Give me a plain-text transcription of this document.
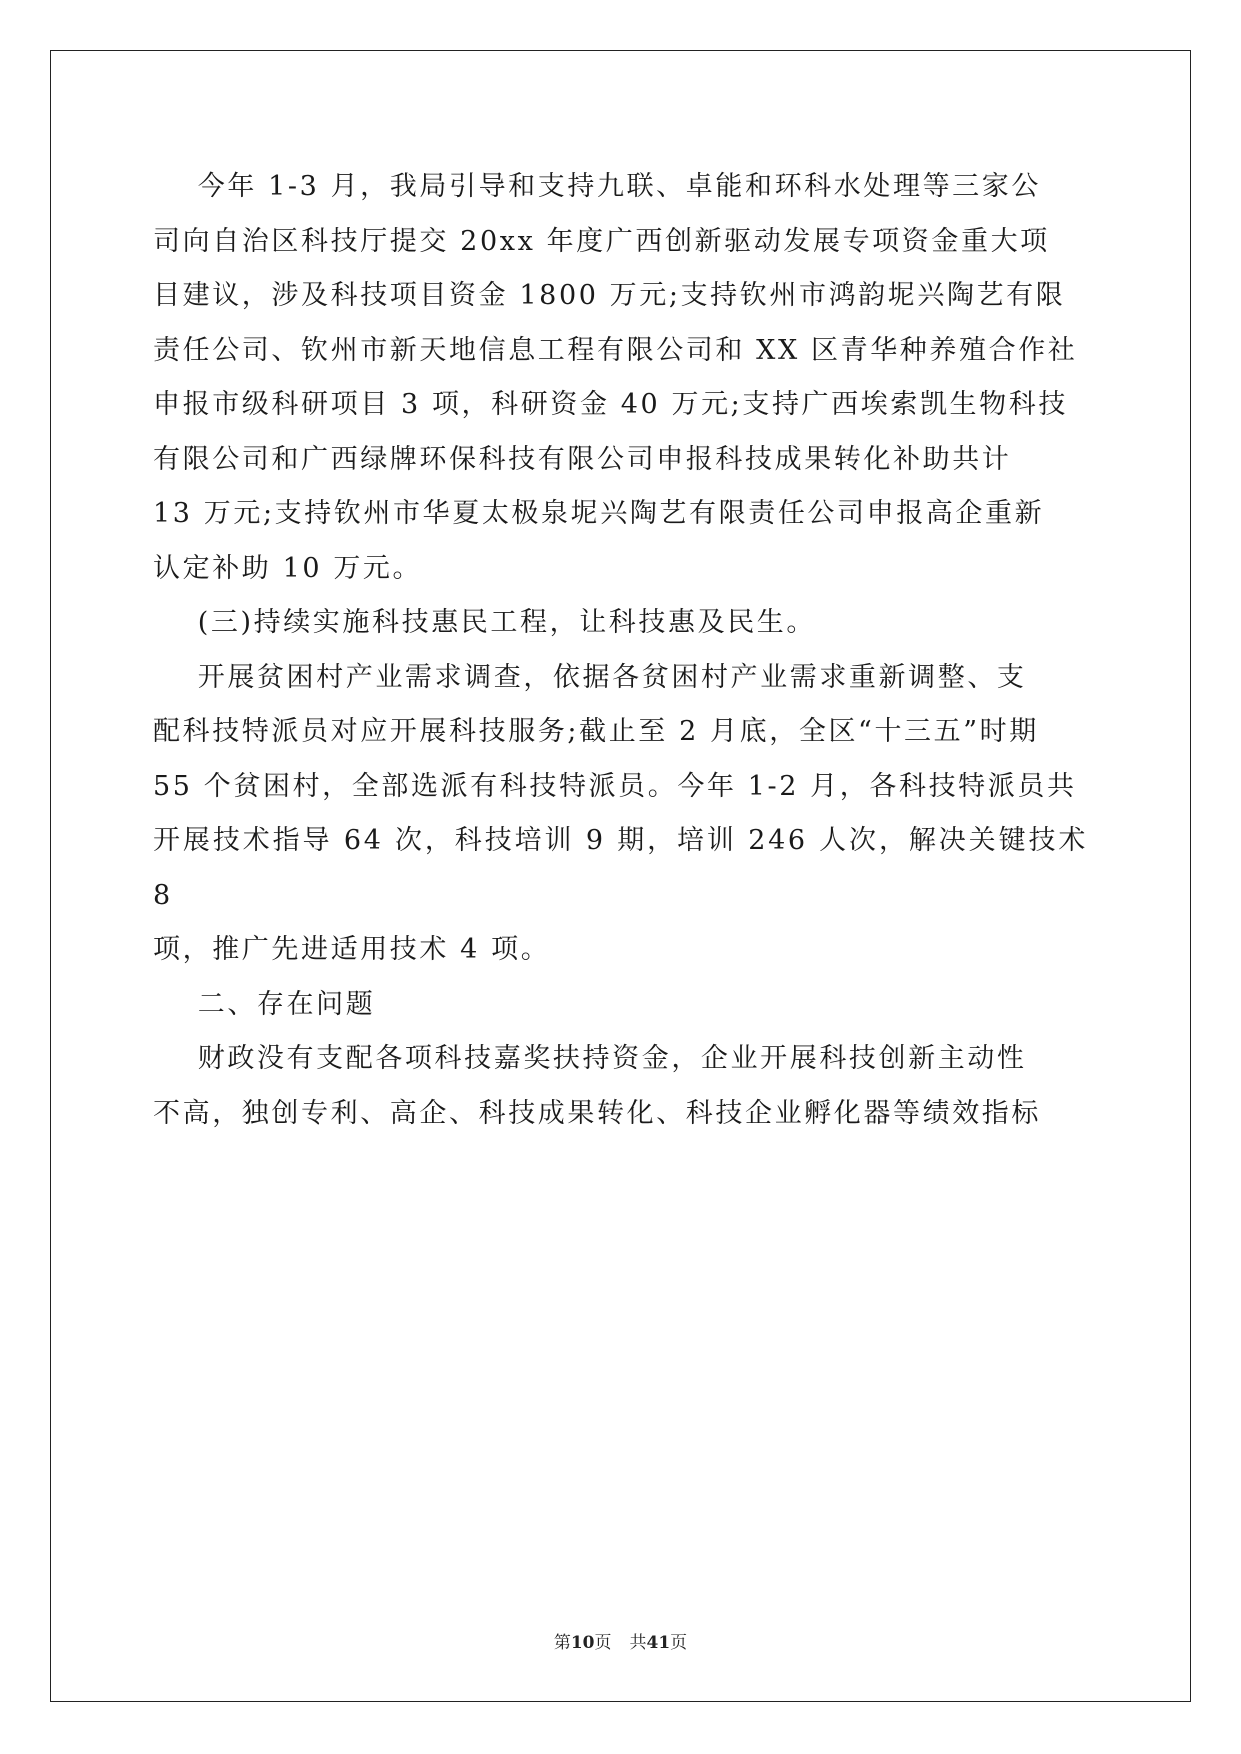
今年 1-3 月，我局引导和支持九联、卓能和环科水处理等三家公

司向自治区科技厅提交 20xx 年度广西创新驱动发展专项资金重大项

目建议，涉及科技项目资金 1800 万元;支持钦州市鸿韵坭兴陶艺有限

责任公司、钦州市新天地信息工程有限公司和 XX 区青华种养殖合作社

申报市级科研项目 3 项，科研资金 40 万元;支持广西埃索凯生物科技

有限公司和广西绿牌环保科技有限公司申报科技成果转化补助共计

13 万元;支持钦州市华夏太极泉坭兴陶艺有限责任公司申报高企重新

认定补助 10 万元。

(三)持续实施科技惠民工程，让科技惠及民生。

开展贫困村产业需求调查，依据各贫困村产业需求重新调整、支

配科技特派员对应开展科技服务;截止至 2 月底，全区“十三五”时期

55 个贫困村，全部选派有科技特派员。今年 1-2 月，各科技特派员共

开展技术指导 64 次，科技培训 9 期，培训 246 人次，解决关键技术 8

项，推广先进适用技术 4 项。

二、存在问题

财政没有支配各项科技嘉奖扶持资金，企业开展科技创新主动性

不高，独创专利、高企、科技成果转化、科技企业孵化器等绩效指标

第10页 共41页
